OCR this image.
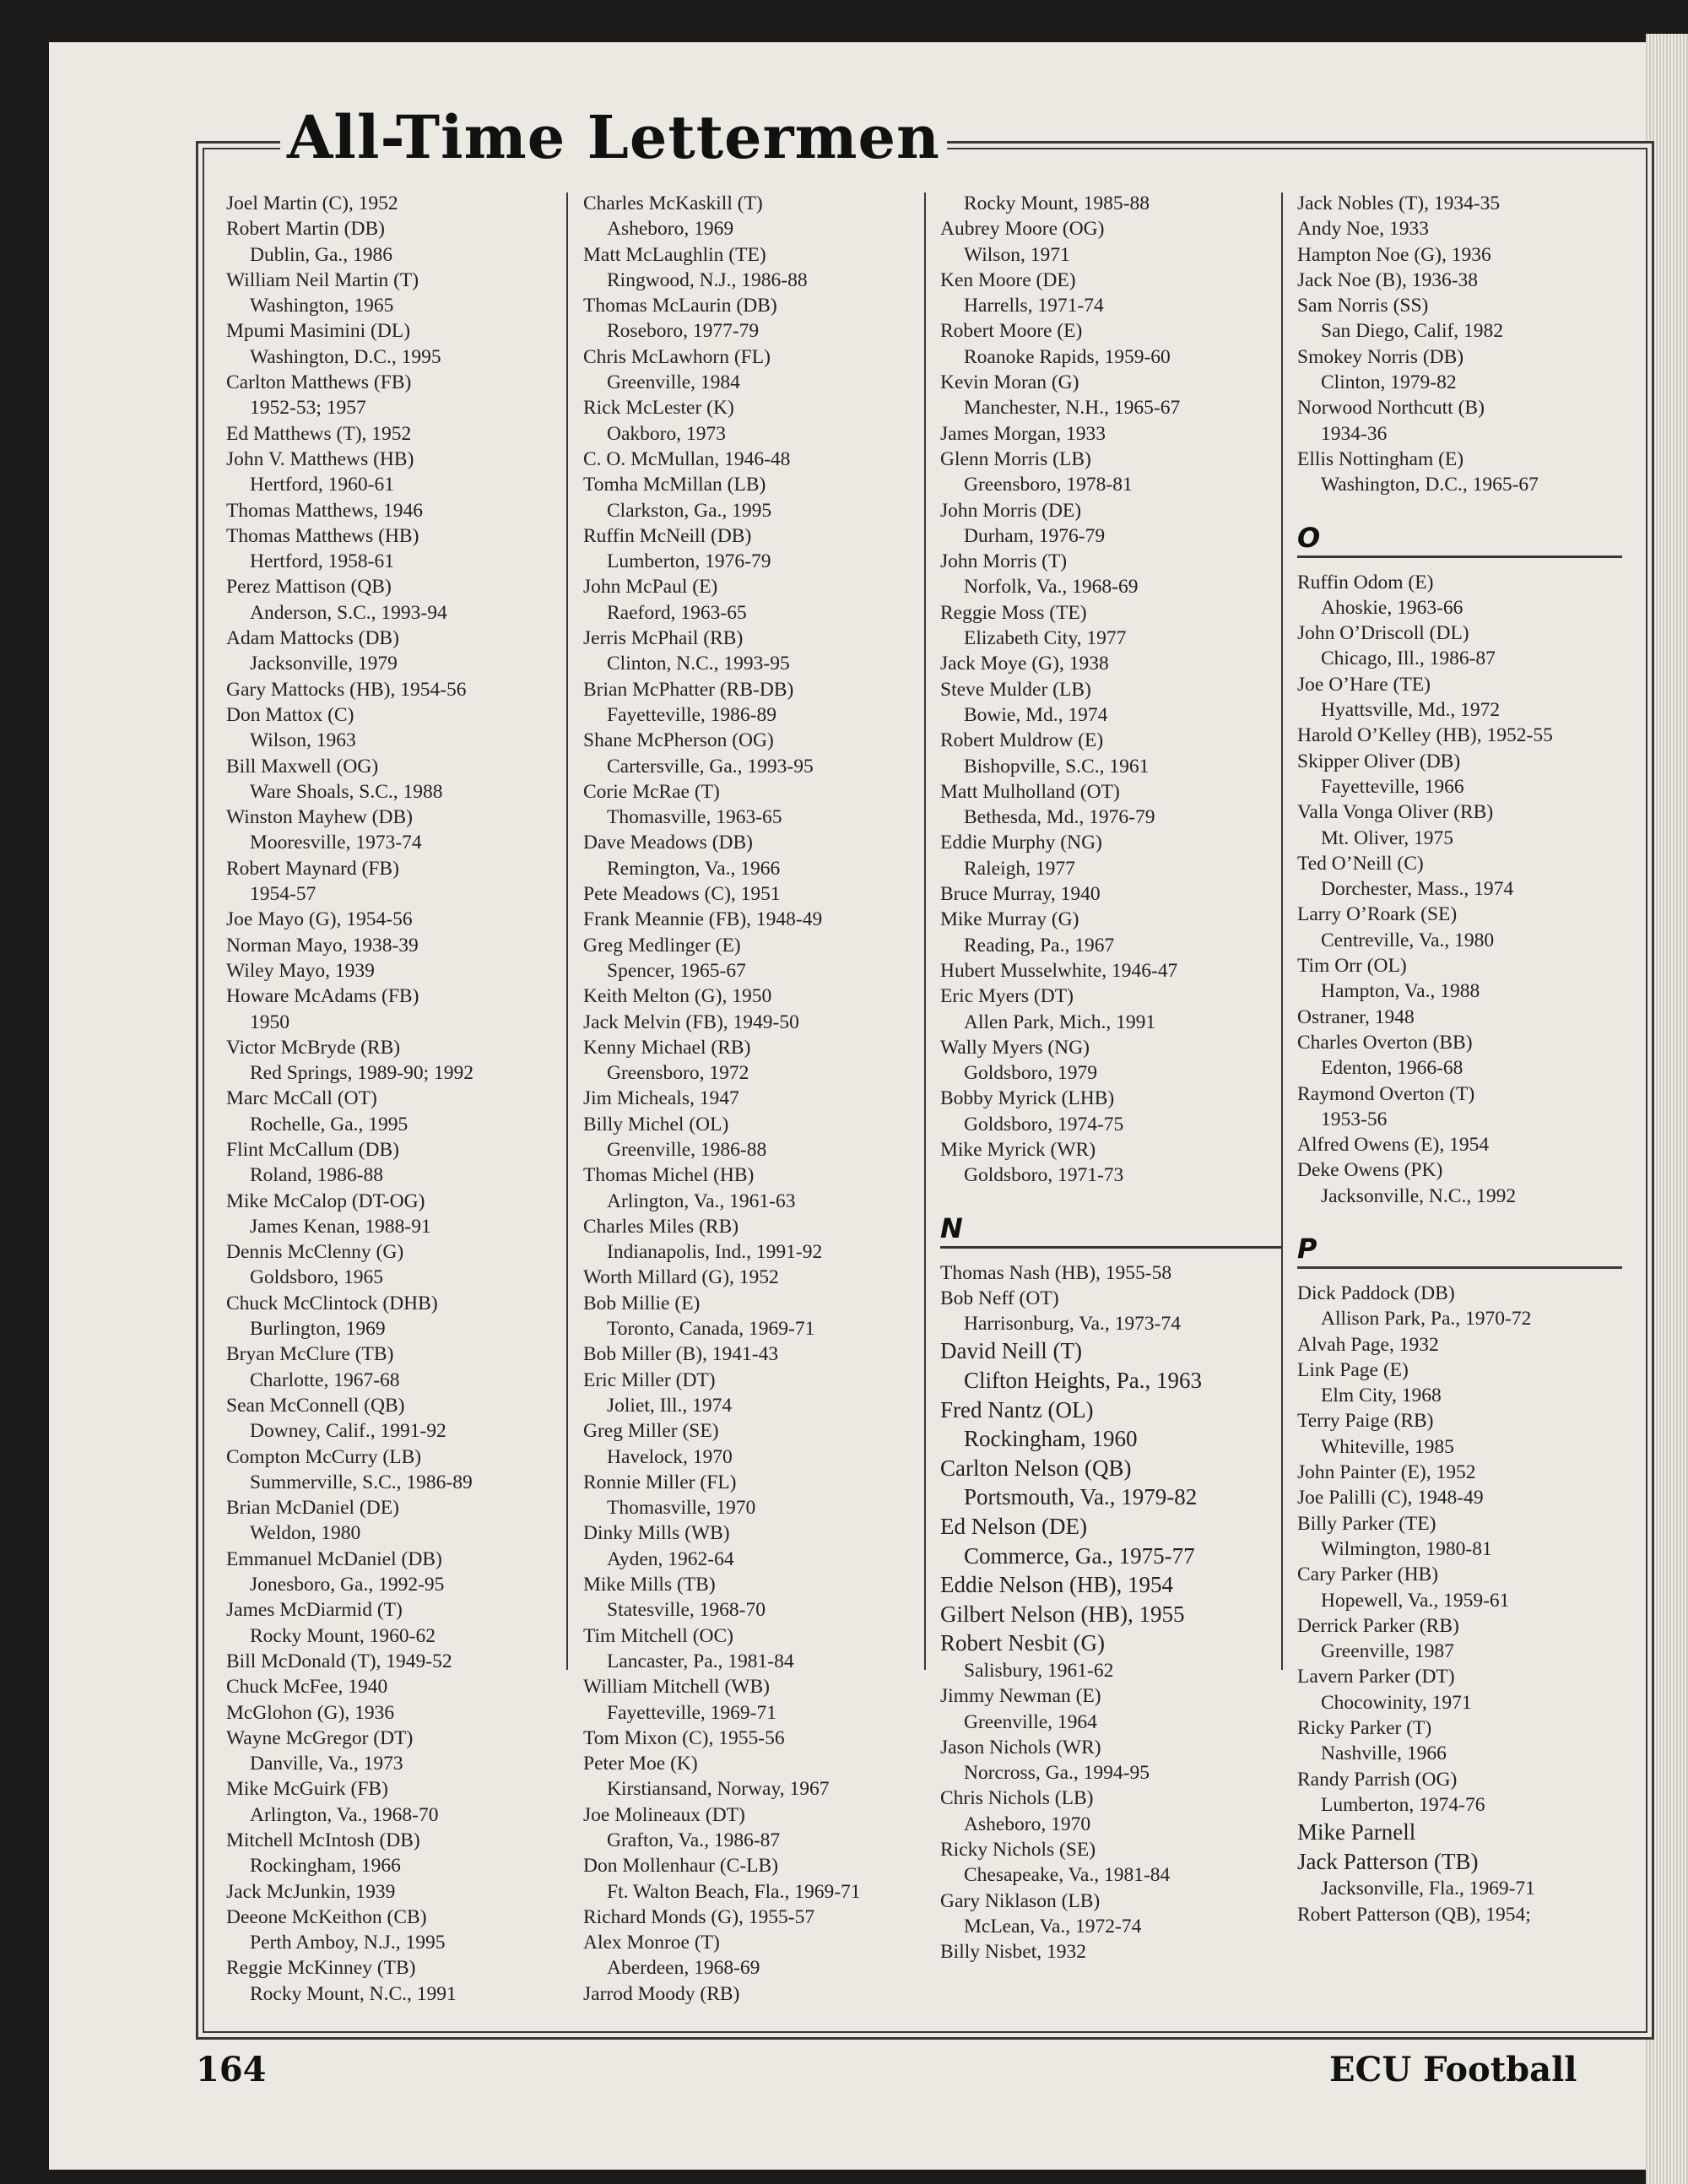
All-Time Lettermen
Joel Martin (C), 1952
Robert Martin (DB)
Dublin, Ga., 1986
William Neil Martin (T)
Washington, 1965
Mpumi Masimini (DL)
Washington, D.C., 1995
Carlton Matthews (FB)
1952-53; 1957
Ed Matthews (T), 1952
John V. Matthews (HB)
Hertford, 1960-61
Thomas Matthews, 1946
Thomas Matthews (HB)
Hertford, 1958-61
Perez Mattison (QB)
Anderson, S.C., 1993-94
Adam Mattocks (DB)
Jacksonville, 1979
Gary Mattocks (HB), 1954-56
Don Mattox (C)
Wilson, 1963
Bill Maxwell (OG)
Ware Shoals, S.C., 1988
Winston Mayhew (DB)
Mooresville, 1973-74
Robert Maynard (FB)
1954-57
Joe Mayo (G), 1954-56
Norman Mayo, 1938-39
Wiley Mayo, 1939
Howare McAdams (FB)
1950
Victor McBryde (RB)
Red Springs, 1989-90; 1992
Marc McCall (OT)
Rochelle, Ga., 1995
Flint McCallum (DB)
Roland, 1986-88
Mike McCalop (DT-OG)
James Kenan, 1988-91
Dennis McClenny (G)
Goldsboro, 1965
Chuck McClintock (DHB)
Burlington, 1969
Bryan McClure (TB)
Charlotte, 1967-68
Sean McConnell (QB)
Downey, Calif., 1991-92
Compton McCurry (LB)
Summerville, S.C., 1986-89
Brian McDaniel (DE)
Weldon, 1980
Emmanuel McDaniel (DB)
Jonesboro, Ga., 1992-95
James McDiarmid (T)
Rocky Mount, 1960-62
Bill McDonald (T), 1949-52
Chuck McFee, 1940
McGlohon (G), 1936
Wayne McGregor (DT)
Danville, Va., 1973
Mike McGuirk (FB)
Arlington, Va., 1968-70
Mitchell McIntosh (DB)
Rockingham, 1966
Jack McJunkin, 1939
Deeone McKeithon (CB)
Perth Amboy, N.J., 1995
Reggie McKinney (TB)
Rocky Mount, N.C., 1991
Charles McKaskill (T)
Asheboro, 1969
Matt McLaughlin (TE)
Ringwood, N.J., 1986-88
Thomas McLaurin (DB)
Roseboro, 1977-79
Chris McLawhorn (FL)
Greenville, 1984
Rick McLester (K)
Oakboro, 1973
C. O. McMullan, 1946-48
Tomha McMillan (LB)
Clarkston, Ga., 1995
Ruffin McNeill (DB)
Lumberton, 1976-79
John McPaul (E)
Raeford, 1963-65
Jerris McPhail (RB)
Clinton, N.C., 1993-95
Brian McPhatter (RB-DB)
Fayetteville, 1986-89
Shane McPherson (OG)
Cartersville, Ga., 1993-95
Corie McRae (T)
Thomasville, 1963-65
Dave Meadows (DB)
Remington, Va., 1966
Pete Meadows (C), 1951
Frank Meannie (FB), 1948-49
Greg Medlinger (E)
Spencer, 1965-67
Keith Melton (G), 1950
Jack Melvin (FB), 1949-50
Kenny Michael (RB)
Greensboro, 1972
Jim Micheals, 1947
Billy Michel (OL)
Greenville, 1986-88
Thomas Michel (HB)
Arlington, Va., 1961-63
Charles Miles (RB)
Indianapolis, Ind., 1991-92
Worth Millard (G), 1952
Bob Millie (E)
Toronto, Canada, 1969-71
Bob Miller (B), 1941-43
Eric Miller (DT)
Joliet, Ill., 1974
Greg Miller (SE)
Havelock, 1970
Ronnie Miller (FL)
Thomasville, 1970
Dinky Mills (WB)
Ayden, 1962-64
Mike Mills (TB)
Statesville, 1968-70
Tim Mitchell (OC)
Lancaster, Pa., 1981-84
William Mitchell (WB)
Fayetteville, 1969-71
Tom Mixon (C), 1955-56
Peter Moe (K)
Kirstiansand, Norway, 1967
Joe Molineaux (DT)
Grafton, Va., 1986-87
Don Mollenhaur (C-LB)
Ft. Walton Beach, Fla., 1969-71
Richard Monds (G), 1955-57
Alex Monroe (T)
Aberdeen, 1968-69
Jarrod Moody (RB)
Rocky Mount, 1985-88
Aubrey Moore (OG)
Wilson, 1971
Ken Moore (DE)
Harrells, 1971-74
Robert Moore (E)
Roanoke Rapids, 1959-60
Kevin Moran (G)
Manchester, N.H., 1965-67
James Morgan, 1933
Glenn Morris (LB)
Greensboro, 1978-81
John Morris (DE)
Durham, 1976-79
John Morris (T)
Norfolk, Va., 1968-69
Reggie Moss (TE)
Elizabeth City, 1977
Jack Moye (G), 1938
Steve Mulder (LB)
Bowie, Md., 1974
Robert Muldrow (E)
Bishopville, S.C., 1961
Matt Mulholland (OT)
Bethesda, Md., 1976-79
Eddie Murphy (NG)
Raleigh, 1977
Bruce Murray, 1940
Mike Murray (G)
Reading, Pa., 1967
Hubert Musselwhite, 1946-47
Eric Myers (DT)
Allen Park, Mich., 1991
Wally Myers (NG)
Goldsboro, 1979
Bobby Myrick (LHB)
Goldsboro, 1974-75
Mike Myrick (WR)
Goldsboro, 1971-73
N
Thomas Nash (HB), 1955-58
Bob Neff (OT)
Harrisonburg, Va., 1973-74
David Neill (T)
Clifton Heights, Pa., 1963
Fred Nantz (OL)
Rockingham, 1960
Carlton Nelson (QB)
Portsmouth, Va., 1979-82
Ed Nelson (DE)
Commerce, Ga., 1975-77
Eddie Nelson (HB), 1954
Gilbert Nelson (HB), 1955
Robert Nesbit (G)
Salisbury, 1961-62
Jimmy Newman (E)
Greenville, 1964
Jason Nichols (WR)
Norcross, Ga., 1994-95
Chris Nichols (LB)
Asheboro, 1970
Ricky Nichols (SE)
Chesapeake, Va., 1981-84
Gary Niklason (LB)
McLean, Va., 1972-74
Billy Nisbet, 1932
Jack Nobles (T), 1934-35
Andy Noe, 1933
Hampton Noe (G), 1936
Jack Noe (B), 1936-38
Sam Norris (SS)
San Diego, Calif, 1982
Smokey Norris (DB)
Clinton, 1979-82
Norwood Northcutt (B)
1934-36
Ellis Nottingham (E)
Washington, D.C., 1965-67
O
Ruffin Odom (E)
Ahoskie, 1963-66
John O’Driscoll (DL)
Chicago, Ill., 1986-87
Joe O’Hare (TE)
Hyattsville, Md., 1972
Harold O’Kelley (HB), 1952-55
Skipper Oliver (DB)
Fayetteville, 1966
Valla Vonga Oliver (RB)
Mt. Oliver, 1975
Ted O’Neill (C)
Dorchester, Mass., 1974
Larry O’Roark (SE)
Centreville, Va., 1980
Tim Orr (OL)
Hampton, Va., 1988
Ostraner, 1948
Charles Overton (BB)
Edenton, 1966-68
Raymond Overton (T)
1953-56
Alfred Owens (E), 1954
Deke Owens (PK)
Jacksonville, N.C., 1992
P
Dick Paddock (DB)
Allison Park, Pa., 1970-72
Alvah Page, 1932
Link Page (E)
Elm City, 1968
Terry Paige (RB)
Whiteville, 1985
John Painter (E), 1952
Joe Palilli (C), 1948-49
Billy Parker (TE)
Wilmington, 1980-81
Cary Parker (HB)
Hopewell, Va., 1959-61
Derrick Parker (RB)
Greenville, 1987
Lavern Parker (DT)
Chocowinity, 1971
Ricky Parker (T)
Nashville, 1966
Randy Parrish (OG)
Lumberton, 1974-76
Mike Parnell
Jack Patterson (TB)
Jacksonville, Fla., 1969-71
Robert Patterson (QB), 1954;
164	ECU Football
